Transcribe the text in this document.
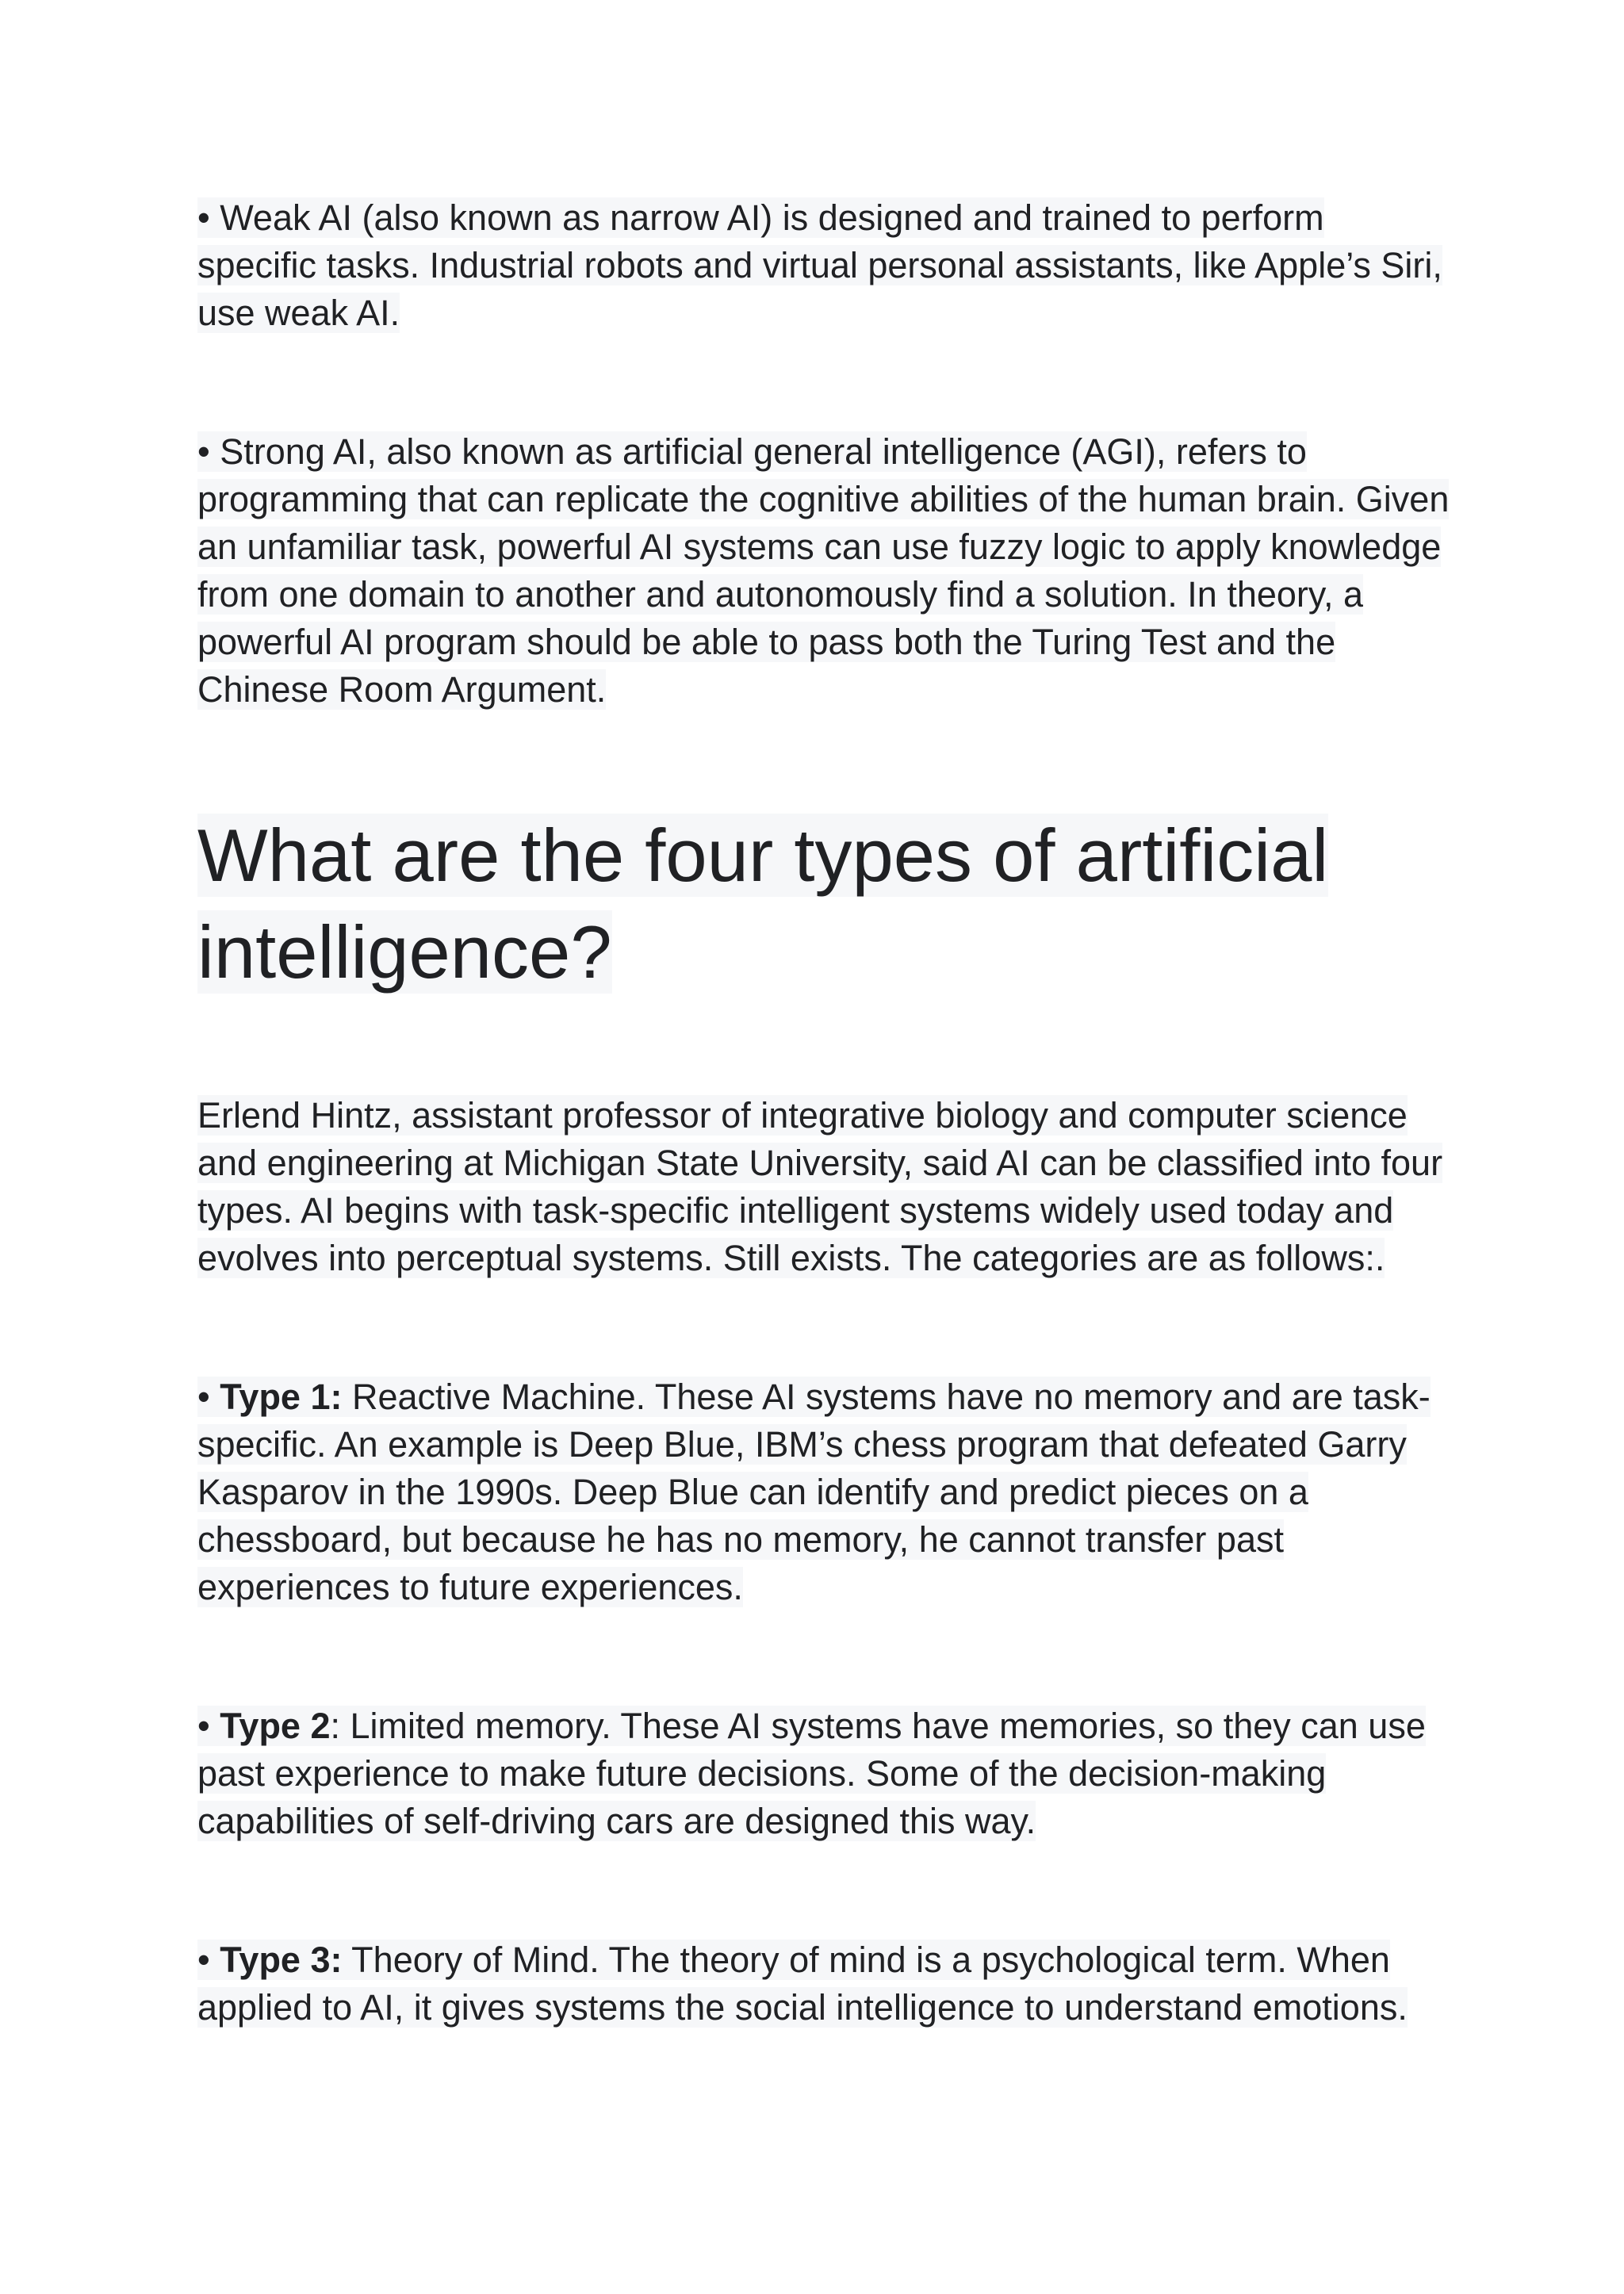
• Weak AI (also known as narrow AI) is designed and trained to perform specific tasks. Industrial robots and virtual personal assistants, like Apple’s Siri, use weak AI.

• Strong AI, also known as artificial general intelligence (AGI), refers to programming that can replicate the cognitive abilities of the human brain. Given an unfamiliar task, powerful AI systems can use fuzzy logic to apply knowledge from one domain to another and autonomously find a solution. In theory, a powerful AI program should be able to pass both the Turing Test and the Chinese Room Argument.

What are the four types of artificial intelligence?

Erlend Hintz, assistant professor of integrative biology and computer science and engineering at Michigan State University, said AI can be classified into four types. AI begins with task-specific intelligent systems widely used today and evolves into perceptual systems. Still exists. The categories are as follows:.

• Type 1: Reactive Machine. These AI systems have no memory and are task-specific. An example is Deep Blue, IBM’s chess program that defeated Garry Kasparov in the 1990s. Deep Blue can identify and predict pieces on a chessboard, but because he has no memory, he cannot transfer past experiences to future experiences.

• Type 2: Limited memory. These AI systems have memories, so they can use past experience to make future decisions. Some of the decision-making capabilities of self-driving cars are designed this way.

• Type 3: Theory of Mind. The theory of mind is a psychological term. When applied to AI, it gives systems the social intelligence to understand emotions.
